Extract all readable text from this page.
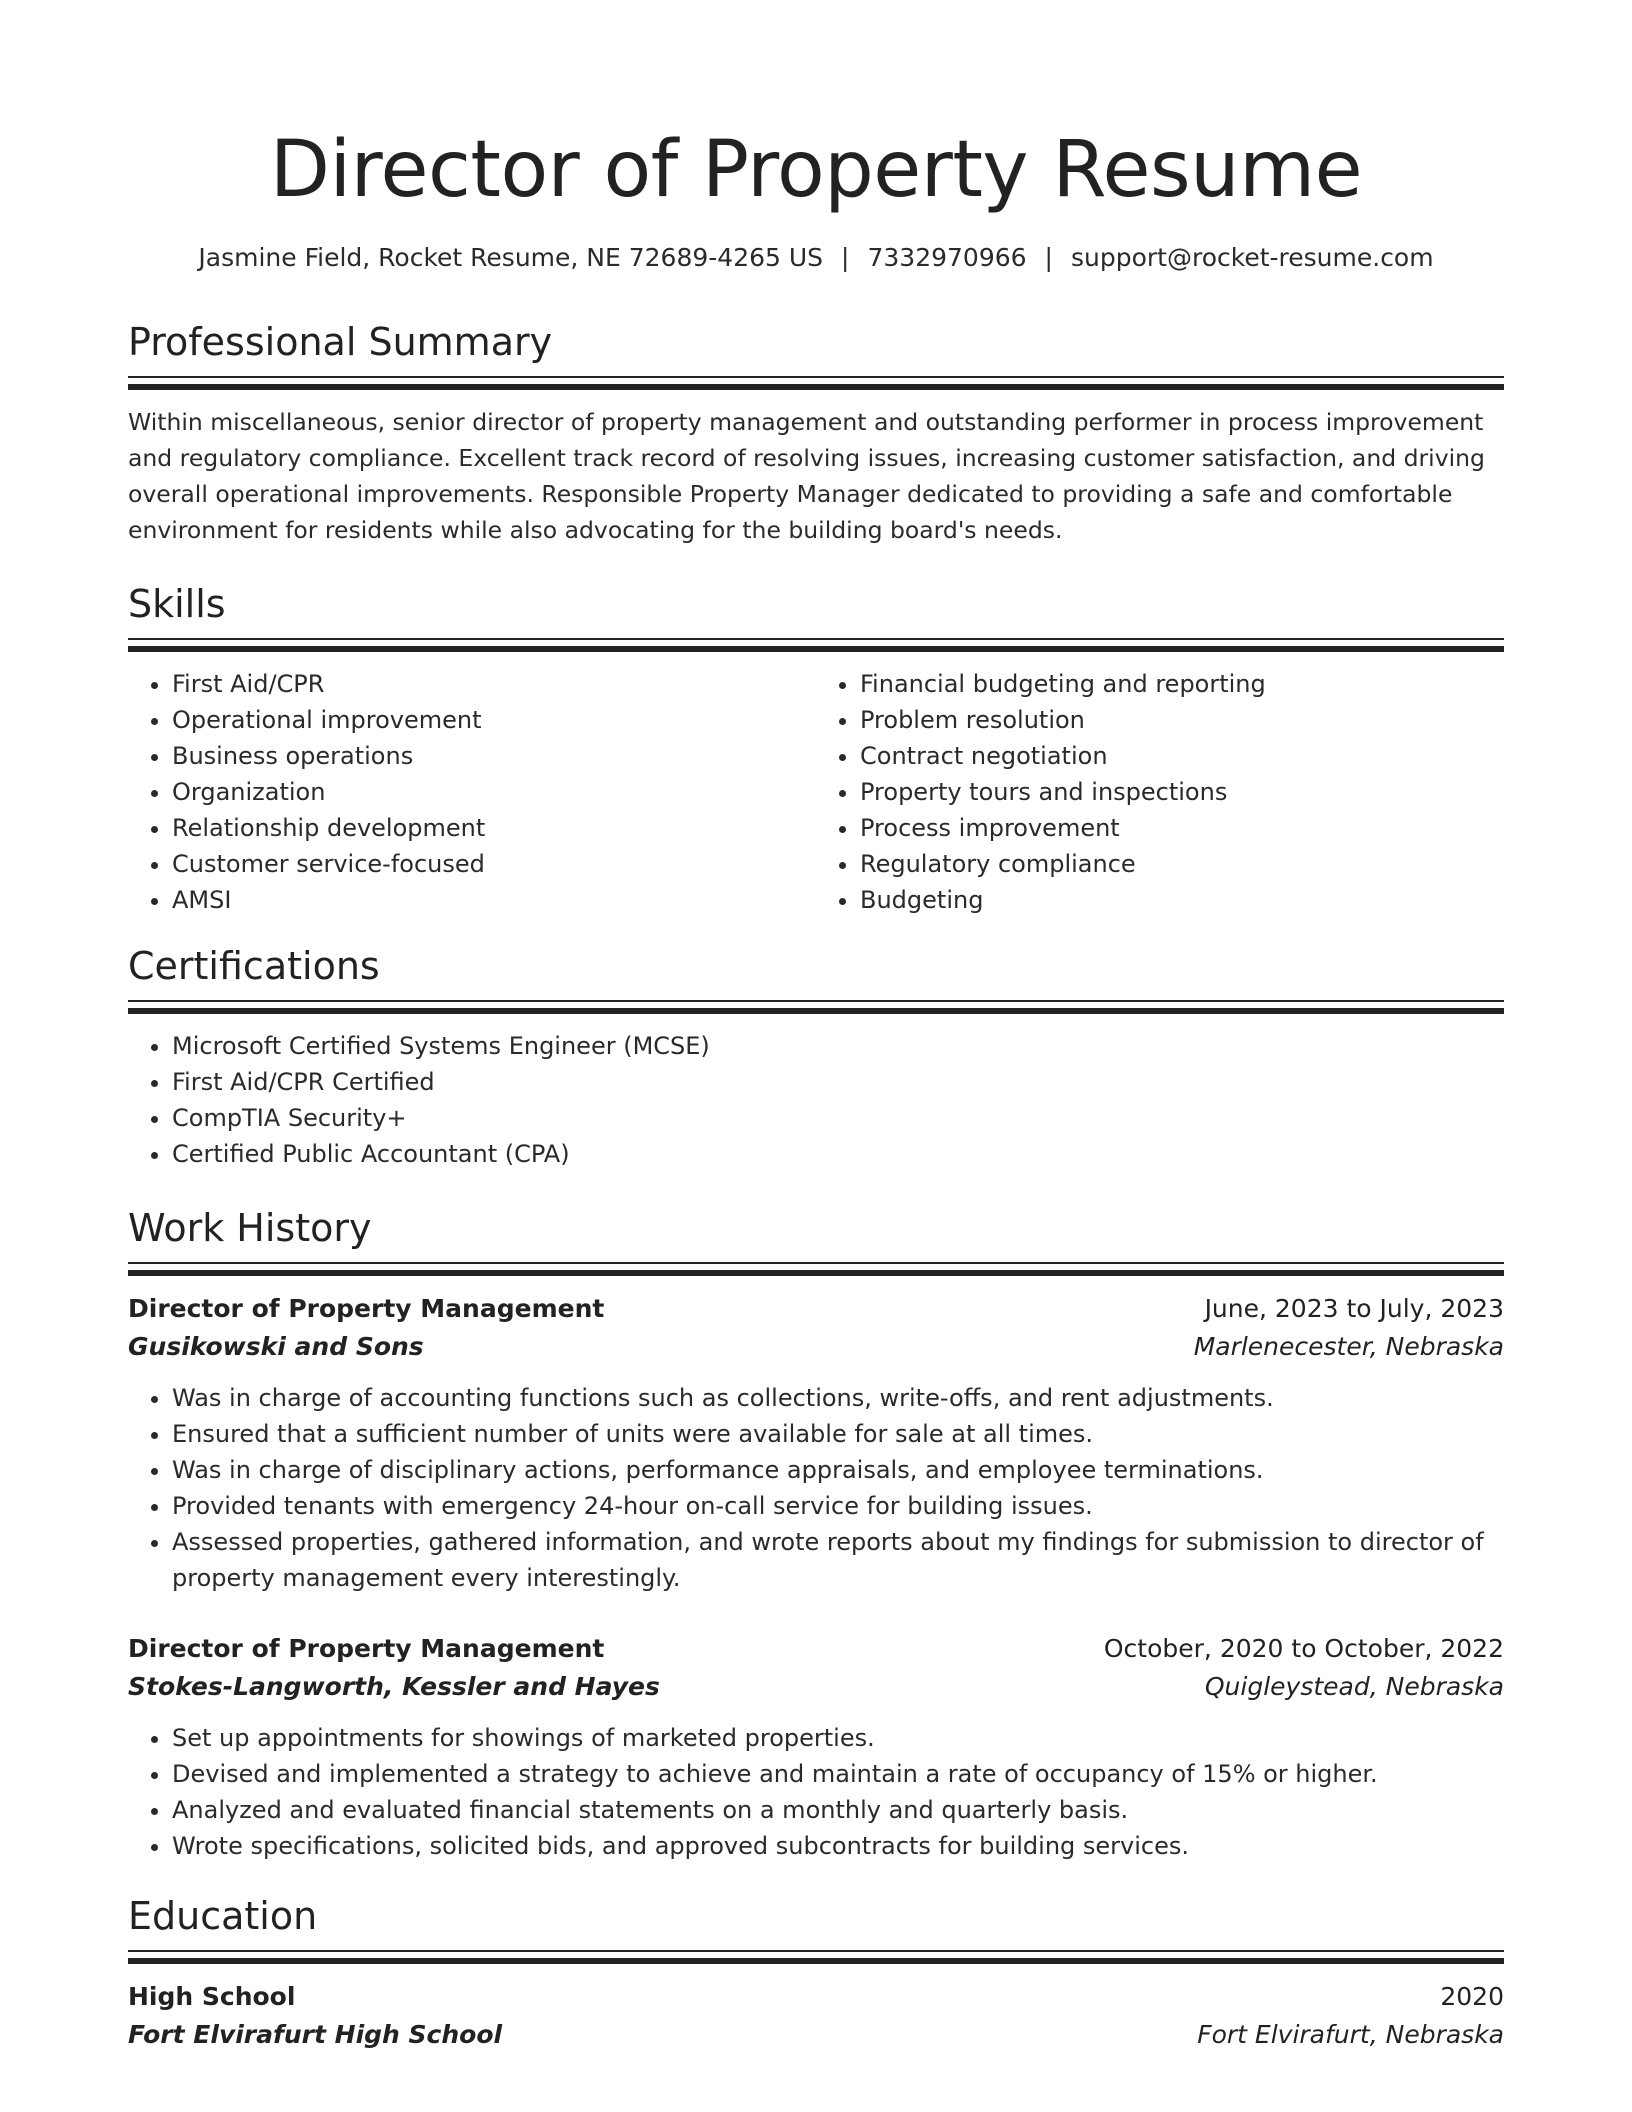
Director of Property Resume
Jasmine Field, Rocket Resume, NE 72689-4265 US | 7332970966 | support@rocket-resume.com
Professional Summary
Within miscellaneous, senior director of property management and outstanding performer in process improvement and regulatory compliance. Excellent track record of resolving issues, increasing customer satisfaction, and driving overall operational improvements. Responsible Property Manager dedicated to providing a safe and comfortable environment for residents while also advocating for the building board's needs.
Skills
• First Aid/CPR
• Operational improvement
• Business operations
• Organization
• Relationship development
• Customer service-focused
• AMSI
• Financial budgeting and reporting
• Problem resolution
• Contract negotiation
• Property tours and inspections
• Process improvement
• Regulatory compliance
• Budgeting
Certifications
• Microsoft Certified Systems Engineer (MCSE)
• First Aid/CPR Certified
• CompTIA Security+
• Certified Public Accountant (CPA)
Work History
Director of Property Management	June, 2023 to July, 2023
Gusikowski and Sons	Marlenecester, Nebraska
• Was in charge of accounting functions such as collections, write-offs, and rent adjustments.
• Ensured that a sufficient number of units were available for sale at all times.
• Was in charge of disciplinary actions, performance appraisals, and employee terminations.
• Provided tenants with emergency 24-hour on-call service for building issues.
• Assessed properties, gathered information, and wrote reports about my findings for submission to director of property management every interestingly.
Director of Property Management	October, 2020 to October, 2022
Stokes-Langworth, Kessler and Hayes	Quigleystead, Nebraska
• Set up appointments for showings of marketed properties.
• Devised and implemented a strategy to achieve and maintain a rate of occupancy of 15% or higher.
• Analyzed and evaluated financial statements on a monthly and quarterly basis.
• Wrote specifications, solicited bids, and approved subcontracts for building services.
Education
High School	2020
Fort Elvirafurt High School	Fort Elvirafurt, Nebraska
